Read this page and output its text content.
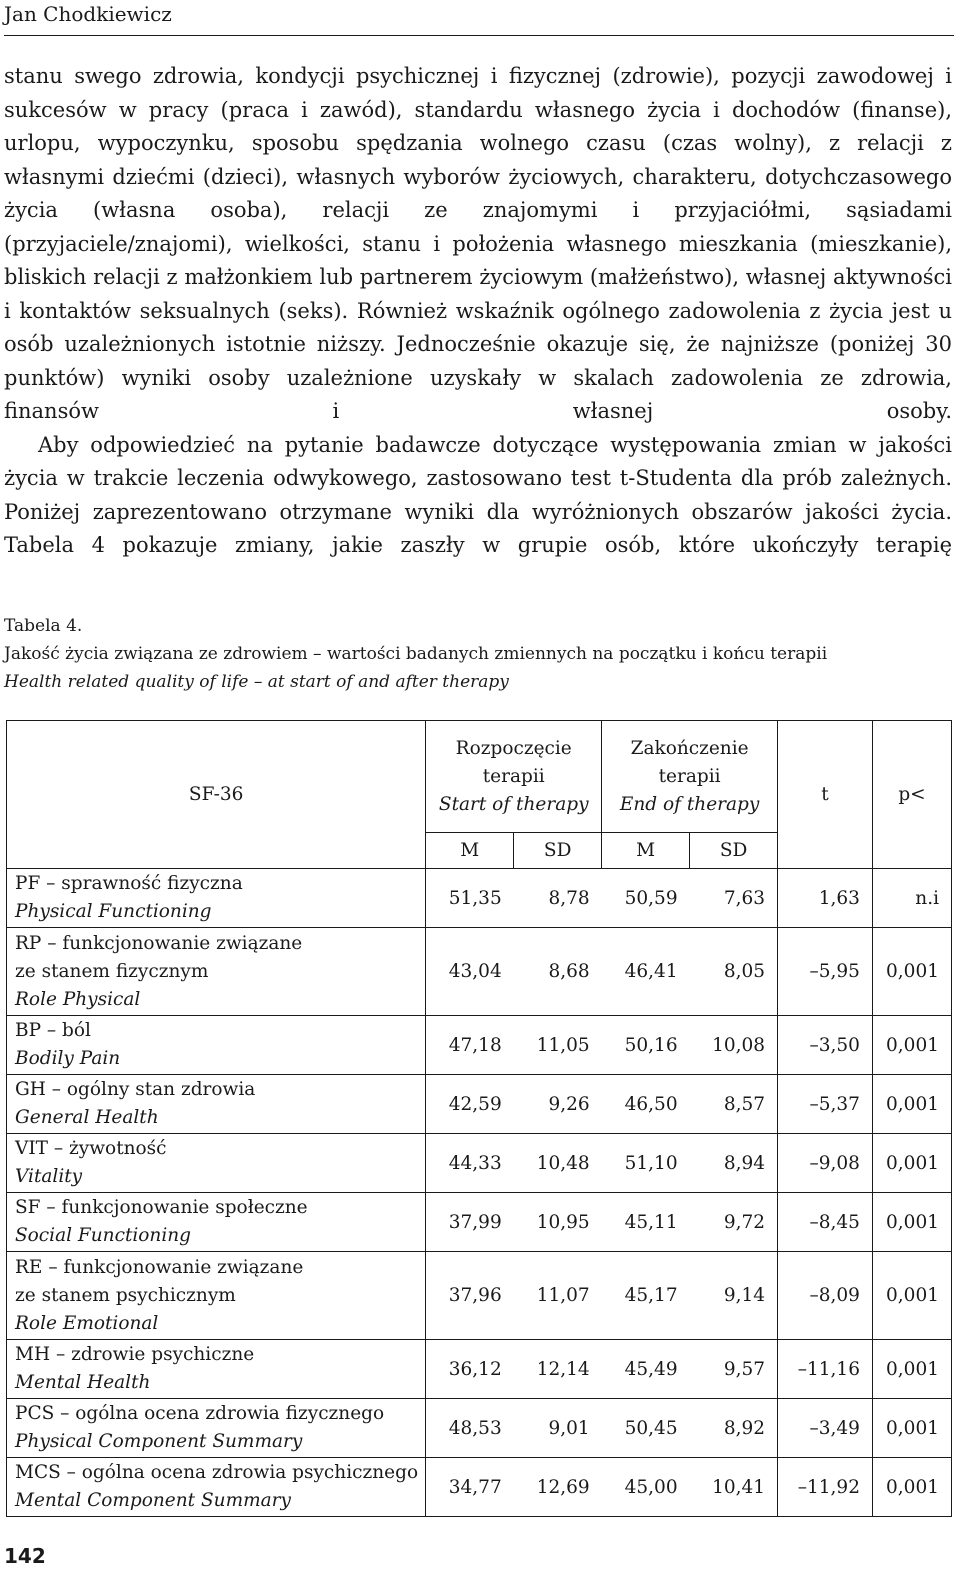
Jan Chodkiewicz

stanu swego zdrowia, kondycji psychicznej i fizycznej (zdrowie), pozycji zawodowej i sukcesów w pracy (praca i zawód), standardu własnego życia i dochodów (finanse), urlopu, wypoczynku, sposobu spędzania wolnego czasu (czas wolny), z relacji z własnymi dziećmi (dzieci), własnych wyborów życiowych, charakteru, dotychczasowego życia (własna osoba), relacji ze znajomymi i przyjaciółmi, sąsiadami (przyjaciele/znajomi), wielkości, stanu i położenia własnego mieszkania (mieszkanie), bliskich relacji z małżonkiem lub partnerem życiowym (małżeństwo), własnej aktywności i kontaktów seksualnych (seks). Również wskaźnik ogólnego zadowolenia z życia jest u osób uzależnionych istotnie niższy. Jednocześnie okazuje się, że najniższe (poniżej 30 punktów) wyniki osoby uzależnione uzyskały w skalach zadowolenia ze zdrowia, finansów i własnej osoby.

Aby odpowiedzieć na pytanie badawcze dotyczące występowania zmian w jakości życia w trakcie leczenia odwykowego, zastosowano test t-Studenta dla prób zależnych. Poniżej zaprezentowano otrzymane wyniki dla wyróżnionych obszarów jakości życia. Tabela 4 pokazuje zmiany, jakie zaszły w grupie osób, które ukończyły terapię

Tabela 4.
Jakość życia związana ze zdrowiem – wartości badanych zmiennych na początku i końcu terapii
Health related quality of life – at start of and after therapy
SF-36	Rozpoczęcie
terapii
Start of therapy		Zakończenie
terapii
End of therapy		t	p<
	M	SD	M	SD		

PF – sprawność fizyczna
Physical Functioning	51,35	8,78	50,59	7,63	1,63	n.i

RP – funkcjonowanie związane
ze stanem fizycznym
Role Physical	43,04	8,68	46,41	8,05	–5,95	0,001

BP – ból
Bodily Pain	47,18	11,05	50,16	10,08	–3,50	0,001

GH – ogólny stan zdrowia
General Health	42,59	9,26	46,50	8,57	–5,37	0,001

VIT – żywotność
Vitality	44,33	10,48	51,10	8,94	–9,08	0,001

SF – funkcjonowanie społeczne
Social Functioning	37,99	10,95	45,11	9,72	–8,45	0,001

RE – funkcjonowanie związane
ze stanem psychicznym
Role Emotional	37,96	11,07	45,17	9,14	–8,09	0,001

MH – zdrowie psychiczne
Mental Health	36,12	12,14	45,49	9,57	–11,16	0,001

PCS – ogólna ocena zdrowia fizycznego
Physical Component Summary	48,53	9,01	50,45	8,92	–3,49	0,001

MCS – ogólna ocena zdrowia psychicznego
Mental Component Summary	34,77	12,69	45,00	10,41	–11,92	0,001
142
